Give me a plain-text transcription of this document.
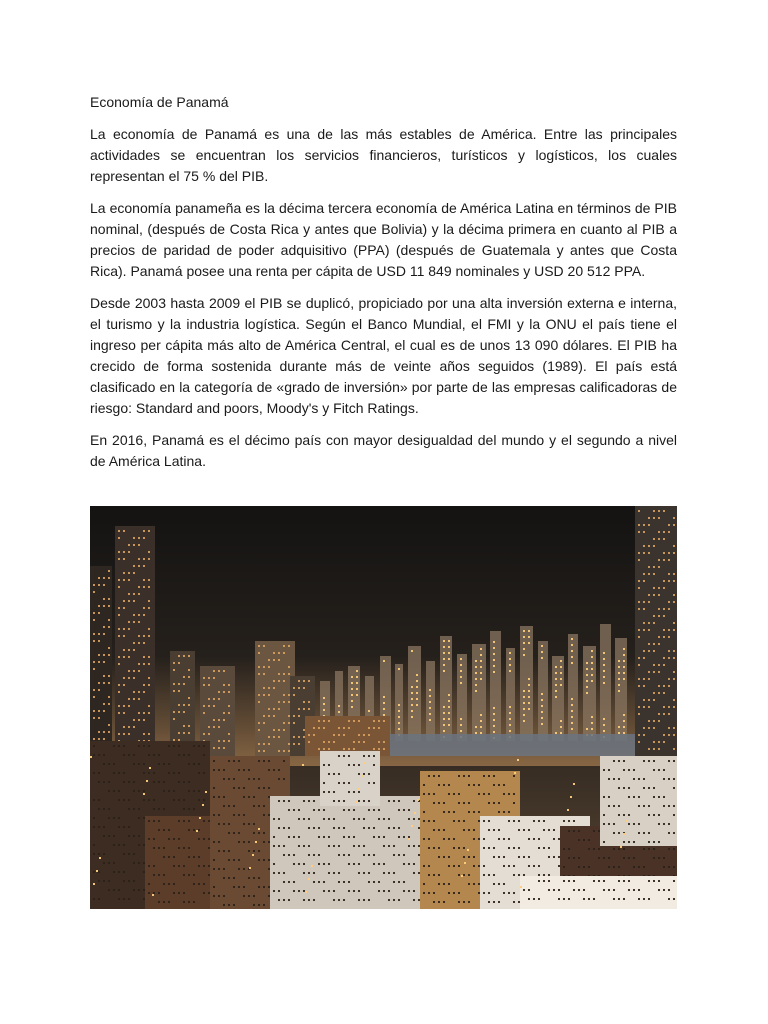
Economía de Panamá

La economía de Panamá es una de las más estables de América. Entre las principales actividades se encuentran los servicios financieros, turísticos y logísticos, los cuales representan el 75 % del PIB.

La economía panameña es la décima tercera economía de América Latina en términos de PIB nominal, (después de Costa Rica y antes que Bolivia) y la décima primera en cuanto al PIB a precios de paridad de poder adquisitivo (PPA) (después de Guatemala y antes que Costa Rica). Panamá posee una renta per cápita de USD 11 849 nominales y USD 20 512 PPA.

Desde 2003 hasta 2009 el PIB se duplicó, propiciado por una alta inversión externa e interna, el turismo y la industria logística. Según el Banco Mundial, el FMI y la ONU el país tiene el ingreso per cápita más alto de América Central, el cual es de unos 13 090 dólares. El PIB ha crecido de forma sostenida durante más de veinte años seguidos (1989). El país está clasificado en la categoría de «grado de inversión» por parte de las empresas calificadoras de riesgo: Standard and poors, Moody's y Fitch Ratings.

En 2016, Panamá es el décimo país con mayor desigualdad del mundo y el segundo a nivel de América Latina.
